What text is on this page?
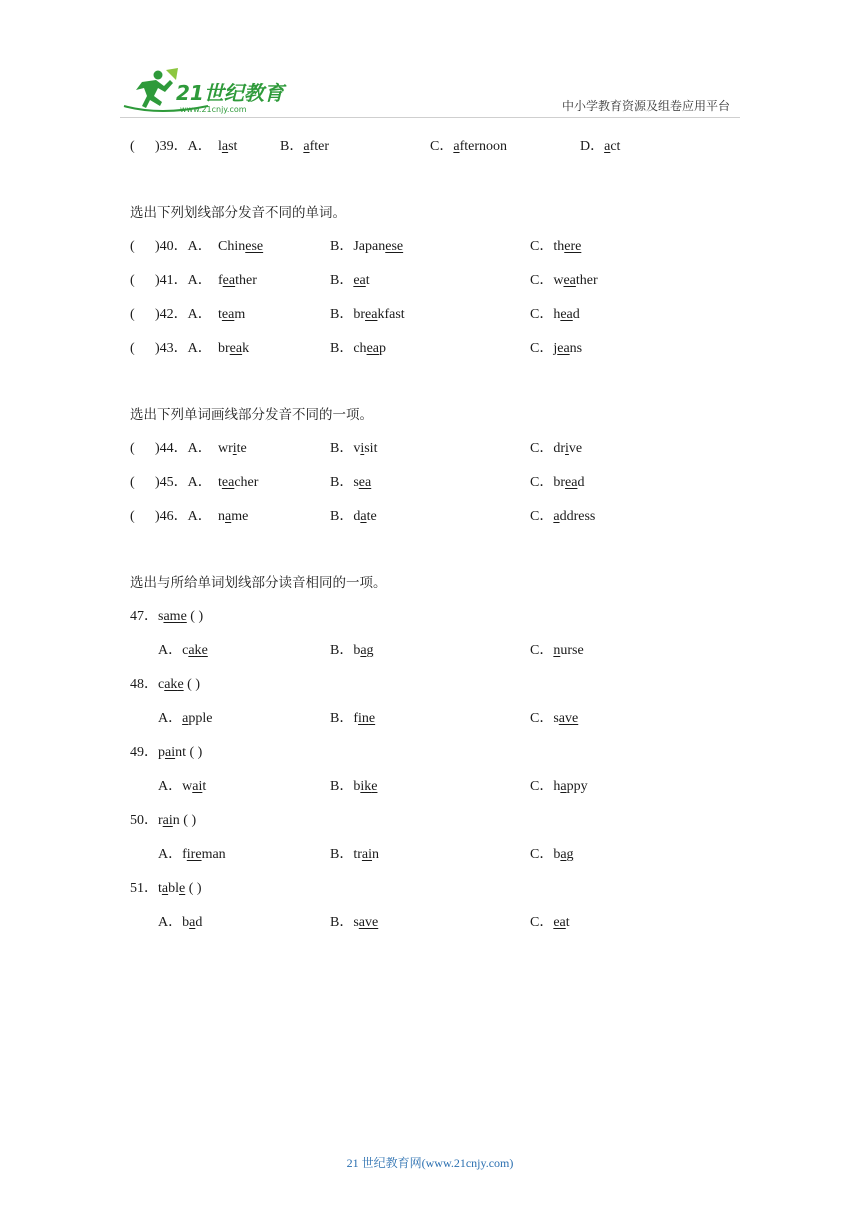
21世纪教育
www.21cnjy.com	中小学教育资源及组卷应用平台
( )39．A． last	B．after	C．afternoon	D．act
选出下列划线部分发音不同的单词。
( )40．A． Chinese	B．Japanese	C．there
( )41．A． feather	B．eat	C．weather
( )42．A． team	B．breakfast	C．head
( )43．A． break	B．cheap	C．jeans
选出下列单词画线部分发音不同的一项。
( )44．A． write	B．visit	C．drive
( )45．A． teacher	B．sea	C．bread
( )46．A． name	B．date	C．address
选出与所给单词划线部分读音相同的一项。
47．same ( )
A．cake	B．bag	C．nurse
48．cake ( )
A．apple	B．fine	C．save
49．paint ( )
A．wait	B．bike	C．happy
50．rain ( )
A．fireman	B．train	C．bag
51．table ( )
A．bad	B．save	C．eat
21 世纪教育网(www.21cnjy.com)
